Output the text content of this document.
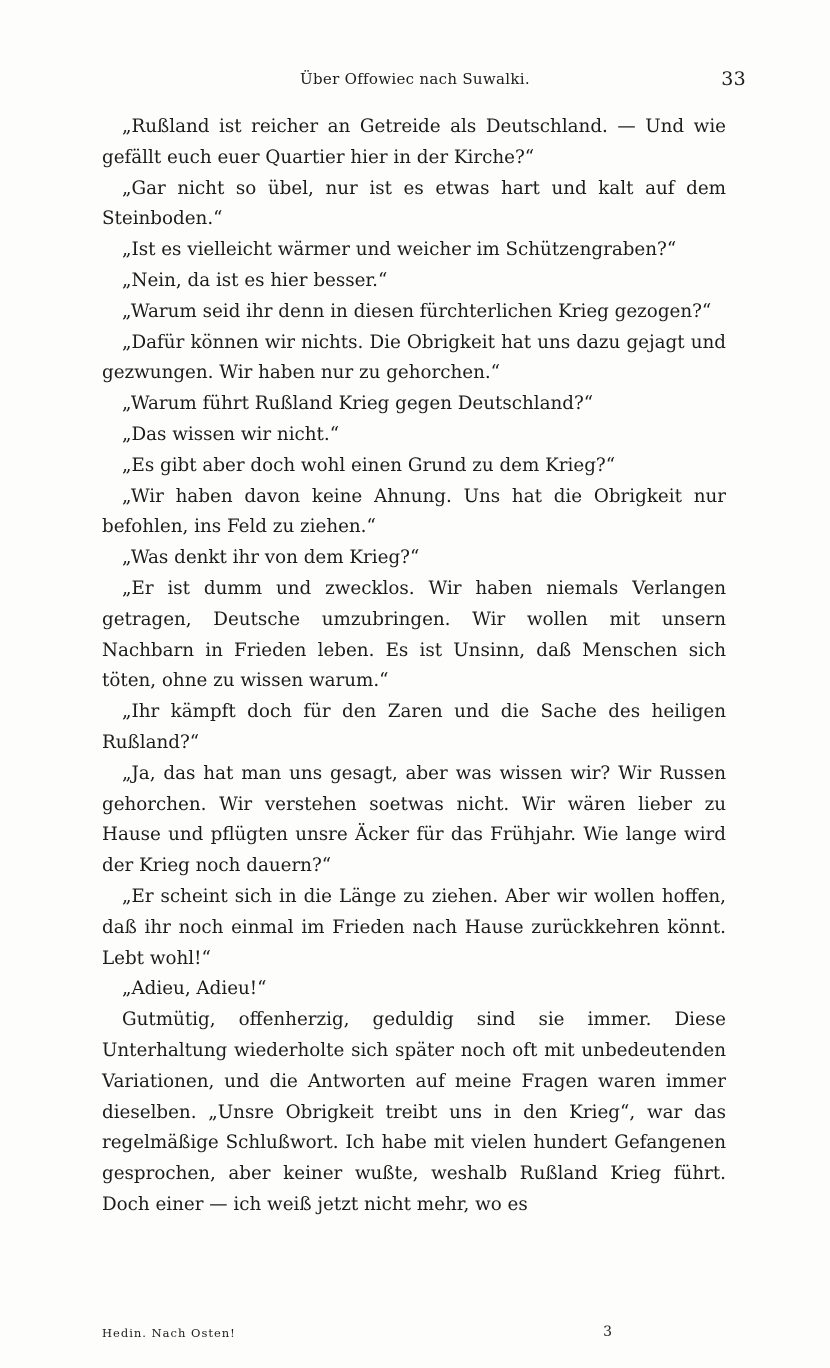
Über Offowiec nach Suwalki.	33

„Rußland ist reicher an Getreide als Deutschland. — Und wie gefällt euch euer Quartier hier in der Kirche?“

„Gar nicht so übel, nur ist es etwas hart und kalt auf dem Steinboden.“

„Ist es vielleicht wärmer und weicher im Schützengraben?“

„Nein, da ist es hier besser.“

„Warum seid ihr denn in diesen fürchterlichen Krieg gezogen?“

„Dafür können wir nichts. Die Obrigkeit hat uns dazu gejagt und gezwungen. Wir haben nur zu gehorchen.“

„Warum führt Rußland Krieg gegen Deutschland?“

„Das wissen wir nicht.“

„Es gibt aber doch wohl einen Grund zu dem Krieg?“

„Wir haben davon keine Ahnung. Uns hat die Obrigkeit nur befohlen, ins Feld zu ziehen.“

„Was denkt ihr von dem Krieg?“

„Er ist dumm und zwecklos. Wir haben niemals Verlangen getragen, Deutsche umzubringen. Wir wollen mit unsern Nachbarn in Frieden leben. Es ist Unsinn, daß Menschen sich töten, ohne zu wissen warum.“

„Ihr kämpft doch für den Zaren und die Sache des heiligen Rußland?“

„Ja, das hat man uns gesagt, aber was wissen wir? Wir Russen gehorchen. Wir verstehen soetwas nicht. Wir wären lieber zu Hause und pflügten unsre Äcker für das Frühjahr. Wie lange wird der Krieg noch dauern?“

„Er scheint sich in die Länge zu ziehen. Aber wir wollen hoffen, daß ihr noch einmal im Frieden nach Hause zurückkehren könnt. Lebt wohl!“

„Adieu, Adieu!“

Gutmütig, offenherzig, geduldig sind sie immer. Diese Unterhaltung wiederholte sich später noch oft mit unbedeutenden Variationen, und die Antworten auf meine Fragen waren immer dieselben. „Unsre Obrigkeit treibt uns in den Krieg“, war das regelmäßige Schlußwort. Ich habe mit vielen hundert Gefangenen gesprochen, aber keiner wußte, weshalb Rußland Krieg führt. Doch einer — ich weiß jetzt nicht mehr, wo es

Hedin. Nach Osten!	3
